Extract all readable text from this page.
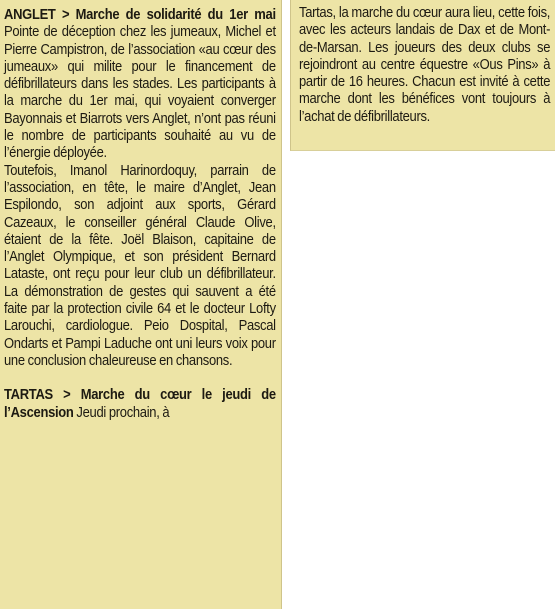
ANGLET > Marche de solidarité du 1er mai Pointe de déception chez les jumeaux, Michel et Pierre Campistron, de l’association «au cœur des jumeaux» qui milite pour le financement de défibrillateurs dans les stades. Les participants à la marche du 1er mai, qui voyaient converger Bayonnais et Biarrots vers Anglet, n’ont pas réuni le nombre de participants souhaité au vu de l’énergie déployée.

Toutefois, Imanol Harinordoquy, parrain de l’association, en tête, le maire d’Anglet, Jean Espilondo, son adjoint aux sports, Gérard Cazeaux, le conseiller général Claude Olive, étaient de la fête. Joël Blaison, capitaine de l’Anglet Olympique, et son président Bernard Lataste, ont reçu pour leur club un défibrillateur. La démonstration de gestes qui sauvent a été faite par la protection civile 64 et le docteur Lofty Larouchi, cardiologue. Peio Dospital, Pascal Ondarts et Pampi Laduche ont uni leurs voix pour une conclusion chaleureuse en chansons.

TARTAS > Marche du cœur le jeudi de l’Ascension Jeudi prochain, à

Tartas, la marche du cœur aura lieu, cette fois, avec les acteurs landais de Dax et de Mont-de-Marsan. Les joueurs des deux clubs se rejoindront au centre équestre «Ous Pins» à partir de 16 heures. Chacun est invité à cette marche dont les bénéfices vont toujours à l’achat de défibrillateurs.
